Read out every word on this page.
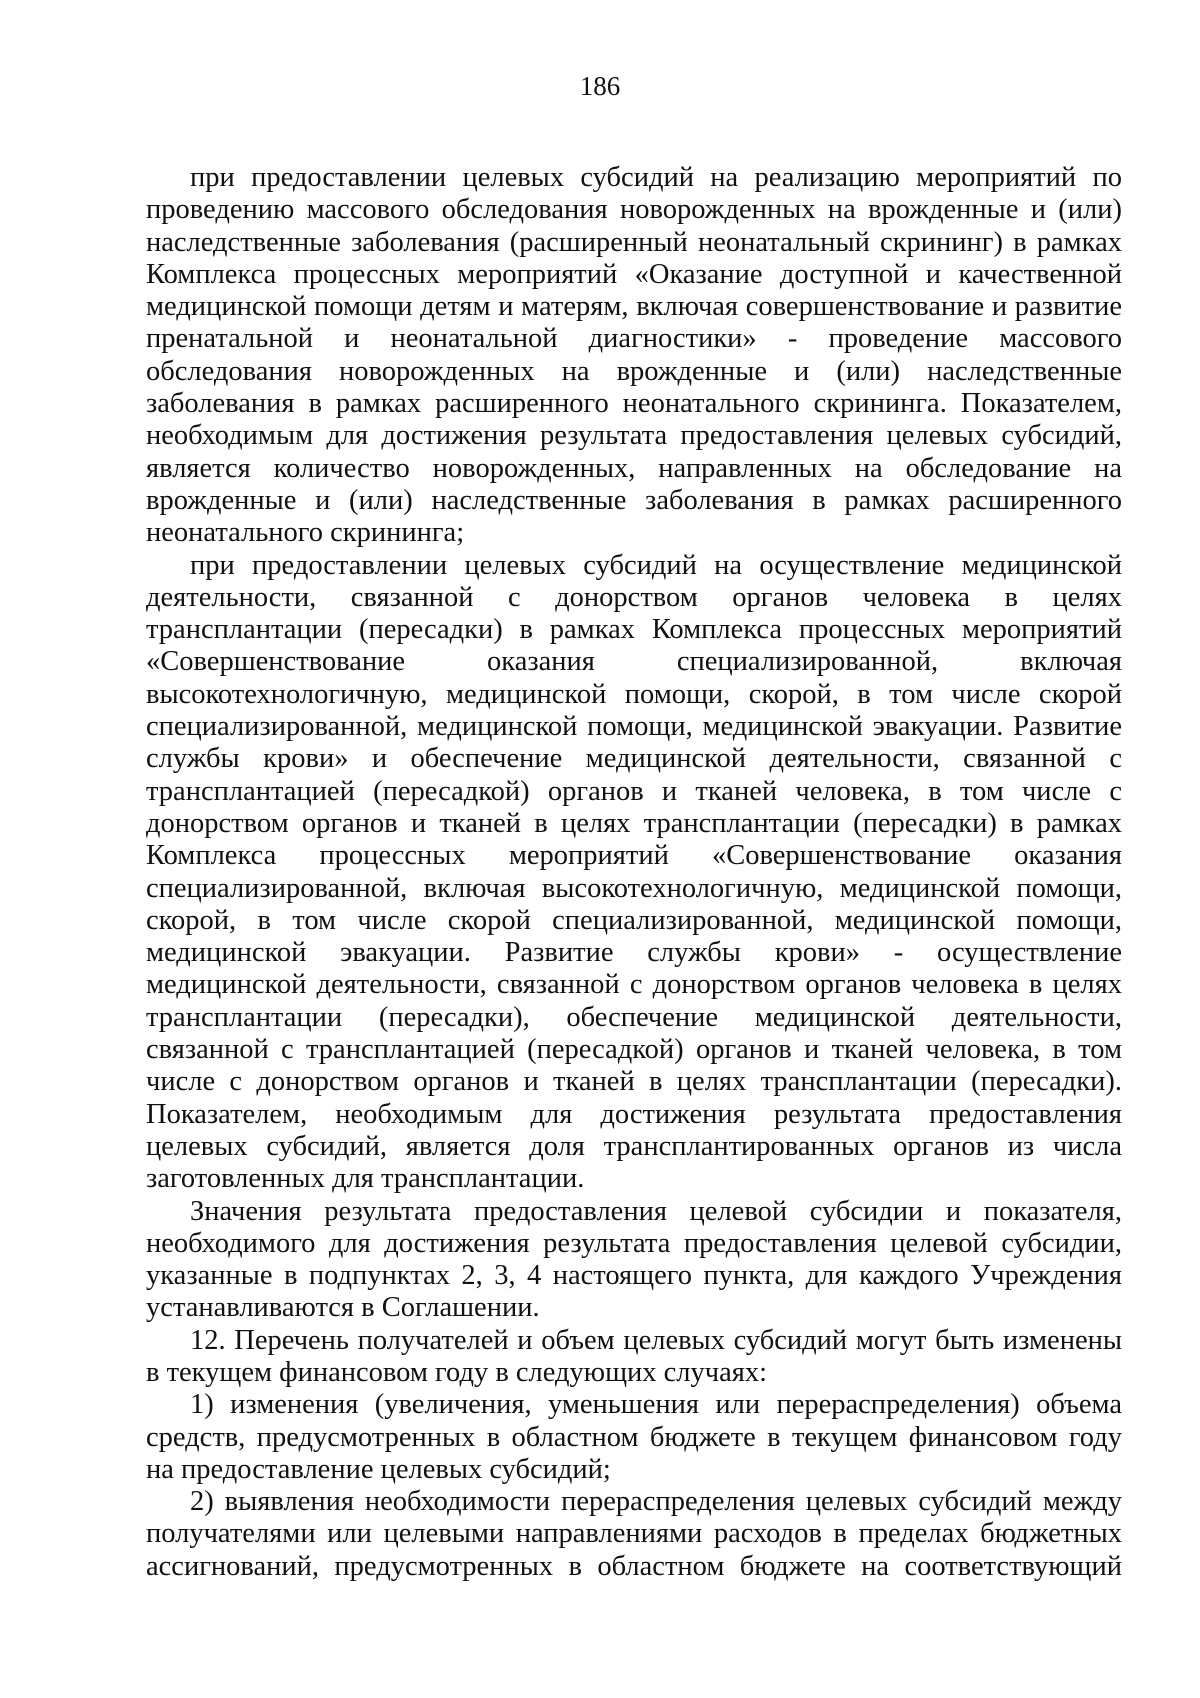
186

при предоставлении целевых субсидий на реализацию мероприятий по проведению массового обследования новорожденных на врожденные и (или) наследственные заболевания (расширенный неонатальный скрининг) в рамках Комплекса процессных мероприятий «Оказание доступной и качественной медицинской помощи детям и матерям, включая совершенствование и развитие пренатальной и неонатальной диагностики» - проведение массового обследования новорожденных на врожденные и (или) наследственные заболевания в рамках расширенного неонатального скрининга. Показателем, необходимым для достижения результата предоставления целевых субсидий, является количество новорожденных, направленных на обследование на врожденные и (или) наследственные заболевания в рамках расширенного неонатального скрининга;

при предоставлении целевых субсидий на осуществление медицинской деятельности, связанной с донорством органов человека в целях трансплантации (пересадки) в рамках Комплекса процессных мероприятий «Совершенствование оказания специализированной, включая высокотехнологичную, медицинской помощи, скорой, в том числе скорой специализированной, медицинской помощи, медицинской эвакуации. Развитие службы крови» и обеспечение медицинской деятельности, связанной с трансплантацией (пересадкой) органов и тканей человека, в том числе с донорством органов и тканей в целях трансплантации (пересадки) в рамках Комплекса процессных мероприятий «Совершенствование оказания специализированной, включая высокотехнологичную, медицинской помощи, скорой, в том числе скорой специализированной, медицинской помощи, медицинской эвакуации. Развитие службы крови» - осуществление медицинской деятельности, связанной с донорством органов человека в целях трансплантации (пересадки), обеспечение медицинской деятельности, связанной с трансплантацией (пересадкой) органов и тканей человека, в том числе с донорством органов и тканей в целях трансплантации (пересадки). Показателем, необходимым для достижения результата предоставления целевых субсидий, является доля трансплантированных органов из числа заготовленных для трансплантации.

Значения результата предоставления целевой субсидии и показателя, необходимого для достижения результата предоставления целевой субсидии, указанные в подпунктах 2, 3, 4 настоящего пункта, для каждого Учреждения устанавливаются в Соглашении.

12. Перечень получателей и объем целевых субсидий могут быть изменены в текущем финансовом году в следующих случаях:

1) изменения (увеличения, уменьшения или перераспределения) объема средств, предусмотренных в областном бюджете в текущем финансовом году на предоставление целевых субсидий;

2) выявления необходимости перераспределения целевых субсидий между получателями или целевыми направлениями расходов в пределах бюджетных ассигнований, предусмотренных в областном бюджете на соответствующий
